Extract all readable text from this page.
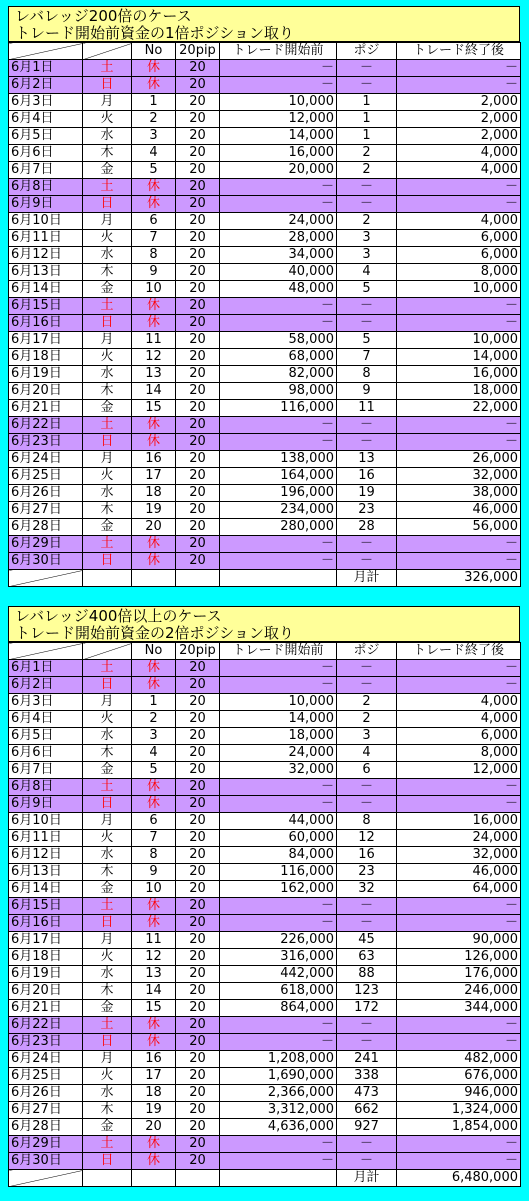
レバレッジ200倍のケース
トレード開始前資金の1倍ポジション取り
		No	20pip	トレード開始前	ポジ	トレード終了後
6月1日	土	休	20	－	－	－
6月2日	日	休	20	－	－	－
6月3日	月	1	20	10,000	1	2,000
6月4日	火	2	20	12,000	1	2,000
6月5日	水	3	20	14,000	1	2,000
6月6日	木	4	20	16,000	2	4,000
6月7日	金	5	20	20,000	2	4,000
6月8日	土	休	20	－	－	－
6月9日	日	休	20	－	－	－
6月10日	月	6	20	24,000	2	4,000
6月11日	火	7	20	28,000	3	6,000
6月12日	水	8	20	34,000	3	6,000
6月13日	木	9	20	40,000	4	8,000
6月14日	金	10	20	48,000	5	10,000
6月15日	土	休	20	－	－	－
6月16日	日	休	20	－	－	－
6月17日	月	11	20	58,000	5	10,000
6月18日	火	12	20	68,000	7	14,000
6月19日	水	13	20	82,000	8	16,000
6月20日	木	14	20	98,000	9	18,000
6月21日	金	15	20	116,000	11	22,000
6月22日	土	休	20	－	－	－
6月23日	日	休	20	－	－	－
6月24日	月	16	20	138,000	13	26,000
6月25日	火	17	20	164,000	16	32,000
6月26日	水	18	20	196,000	19	38,000
6月27日	木	19	20	234,000	23	46,000
6月28日	金	20	20	280,000	28	56,000
6月29日	土	休	20	－	－	－
6月30日	日	休	20	－	－	－
					月計	326,000
レバレッジ400倍以上のケース
トレード開始前資金の2倍ポジション取り
		No	20pip	トレード開始前	ポジ	トレード終了後
6月1日	土	休	20	－	－	－
6月2日	日	休	20	－	－	－
6月3日	月	1	20	10,000	2	4,000
6月4日	火	2	20	14,000	2	4,000
6月5日	水	3	20	18,000	3	6,000
6月6日	木	4	20	24,000	4	8,000
6月7日	金	5	20	32,000	6	12,000
6月8日	土	休	20	－	－	－
6月9日	日	休	20	－	－	－
6月10日	月	6	20	44,000	8	16,000
6月11日	火	7	20	60,000	12	24,000
6月12日	水	8	20	84,000	16	32,000
6月13日	木	9	20	116,000	23	46,000
6月14日	金	10	20	162,000	32	64,000
6月15日	土	休	20	－	－	－
6月16日	日	休	20	－	－	－
6月17日	月	11	20	226,000	45	90,000
6月18日	火	12	20	316,000	63	126,000
6月19日	水	13	20	442,000	88	176,000
6月20日	木	14	20	618,000	123	246,000
6月21日	金	15	20	864,000	172	344,000
6月22日	土	休	20	－	－	－
6月23日	日	休	20	－	－	－
6月24日	月	16	20	1,208,000	241	482,000
6月25日	火	17	20	1,690,000	338	676,000
6月26日	水	18	20	2,366,000	473	946,000
6月27日	木	19	20	3,312,000	662	1,324,000
6月28日	金	20	20	4,636,000	927	1,854,000
6月29日	土	休	20	－	－	－
6月30日	日	休	20	－	－	－
					月計	6,480,000
